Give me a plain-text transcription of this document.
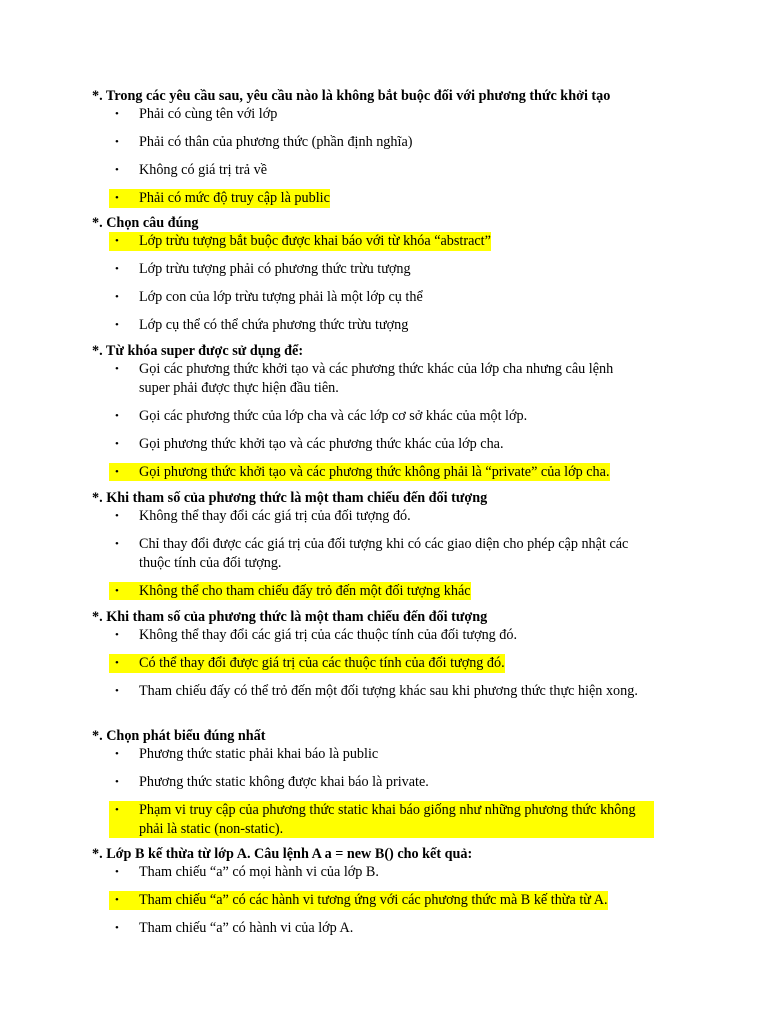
*. Trong các yêu cầu sau, yêu cầu nào là không bắt buộc đối với phương thức khởi tạo
• Phải có cùng tên với lớp
• Phải có thân của phương thức (phần định nghĩa)
• Không có giá trị trả về
• Phải có mức độ truy cập là public
*. Chọn câu đúng
• Lớp trừu tượng bắt buộc được khai báo với từ khóa “abstract”
• Lớp trừu tượng phải có phương thức trừu tượng
• Lớp con của lớp trừu tượng phải là một lớp cụ thể
• Lớp cụ thể có thể chứa phương thức trừu tượng
*. Từ khóa super được sử dụng để:
• Gọi các phương thức khởi tạo và các phương thức khác của lớp cha nhưng câu lệnh super phải được thực hiện đầu tiên.
• Gọi các phương thức của lớp cha và các lớp cơ sở khác của một lớp.
• Gọi phương thức khởi tạo và các phương thức khác của lớp cha.
• Gọi phương thức khởi tạo và các phương thức không phải là “private” của lớp cha.
*. Khi tham số của phương thức là một tham chiếu đến đối tượng
• Không thể thay đổi các giá trị của đối tượng đó.
• Chỉ thay đổi được các giá trị của đối tượng khi có các giao diện cho phép cập nhật các thuộc tính của đối tượng.
• Không thể cho tham chiếu đấy trỏ đến một đối tượng khác
*. Khi tham số của phương thức là một tham chiếu đến đối tượng
• Không thể thay đổi các giá trị của các thuộc tính của đối tượng đó.
• Có thể thay đổi được giá trị của các thuộc tính của đối tượng đó.
• Tham chiếu đấy có thể trỏ đến một đối tượng khác sau khi phương thức thực hiện xong.
*. Chọn phát biểu đúng nhất
• Phương thức static phải khai báo là public
• Phương thức static không được khai báo là private.
• Phạm vi truy cập của phương thức static khai báo giống như những phương thức không phải là static (non-static).
*. Lớp B kế thừa từ lớp A. Câu lệnh A a = new B() cho kết quả:
• Tham chiếu “a” có mọi hành vi của lớp B.
• Tham chiếu “a” có các hành vi tương ứng với các phương thức mà B kế thừa từ A.
• Tham chiếu “a” có hành vi của lớp A.
